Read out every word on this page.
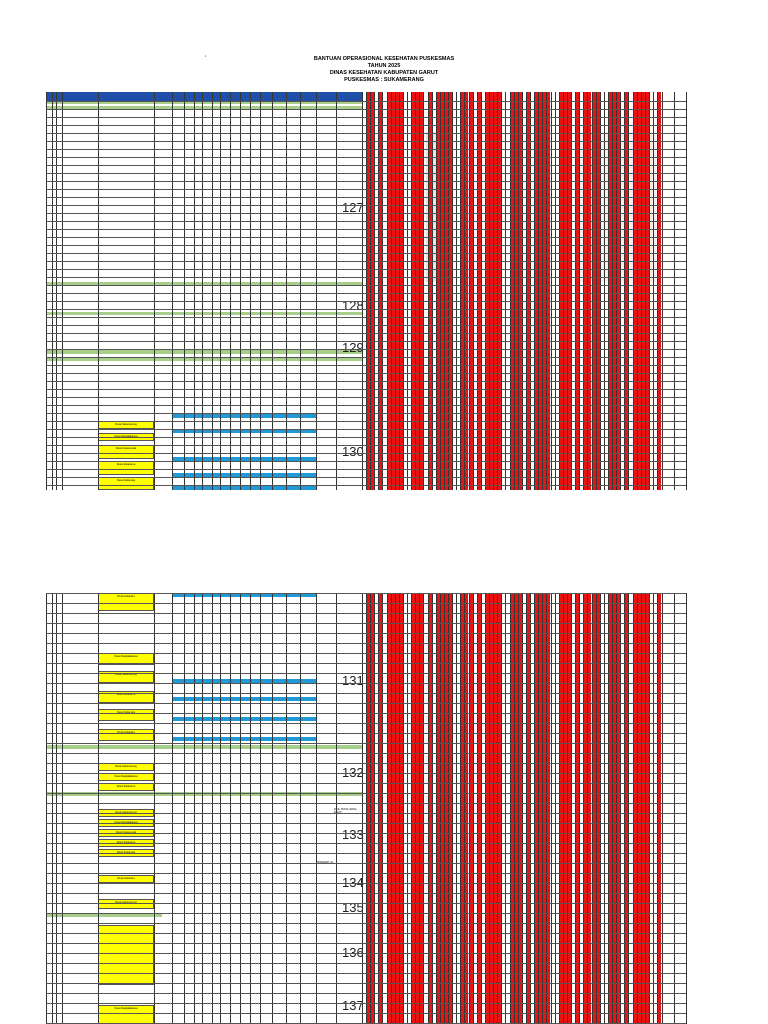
'	BANTUAN OPERASIONAL KESEHATAN PUSKESMAS
TAHUN 2025
DINAS KESEHATAN KABUPATEN GARUT
PUSKESMAS : SUKAMERANG
Desa Sukamerang
Desa Margalaksana
Desa Sukamenak
Desa Sukarame
Desa Sukamaju
127
128
129
130
Desa Sukaratu
Desa Margalaksana
Desa Sukamerang
Desa Sukarame
Desa Sukamaju
Desa Sukaratu
Desa Sukamerang
Desa Margalaksana
Desa Sukarame
Desa Sukamerang
Desa Margalaksana
Desa Sukamenak
Desa Sukarame
Desa Sukamaju
Desa Sukaratu
Desa Sukamerang
Desa Margalaksana
RIKE, NOVIA, ERNA, INDAH
PRIMAWATI, Ds
131
132
133
134
135
136
137
